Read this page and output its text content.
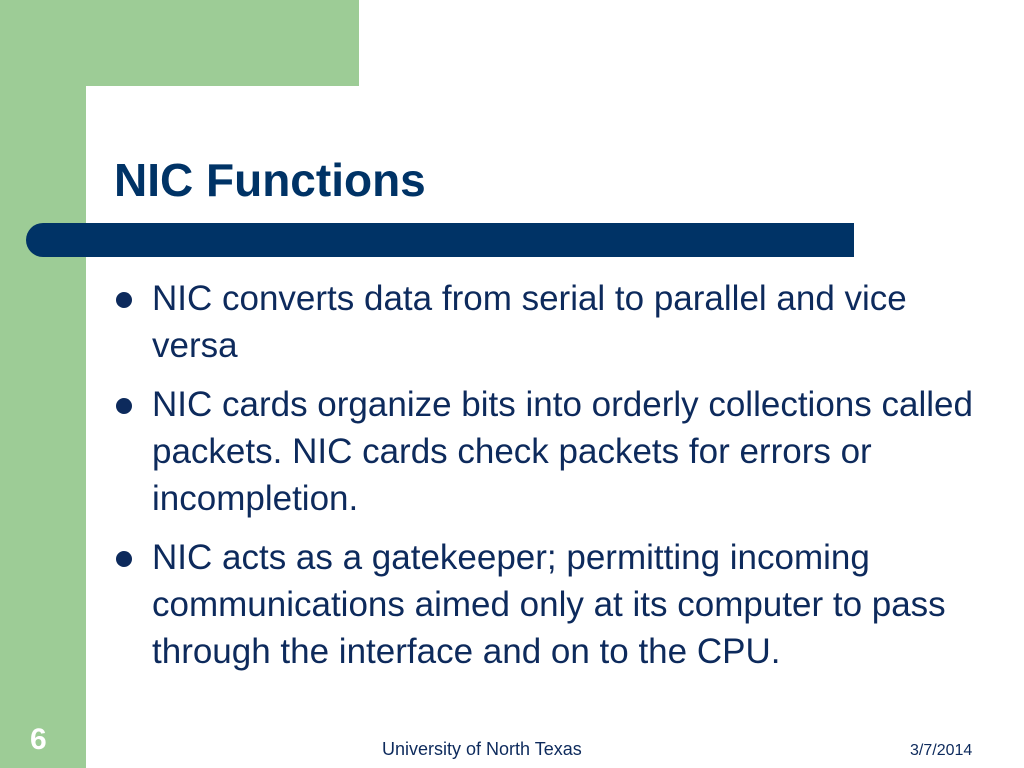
NIC Functions
NIC converts data from serial to parallel and vice versa
NIC cards organize bits into orderly collections called packets. NIC cards check packets for errors or incompletion.
NIC acts as a gatekeeper; permitting incoming communications aimed only at its computer to pass through the interface and on to the CPU.
6	University of North Texas	3/7/2014
